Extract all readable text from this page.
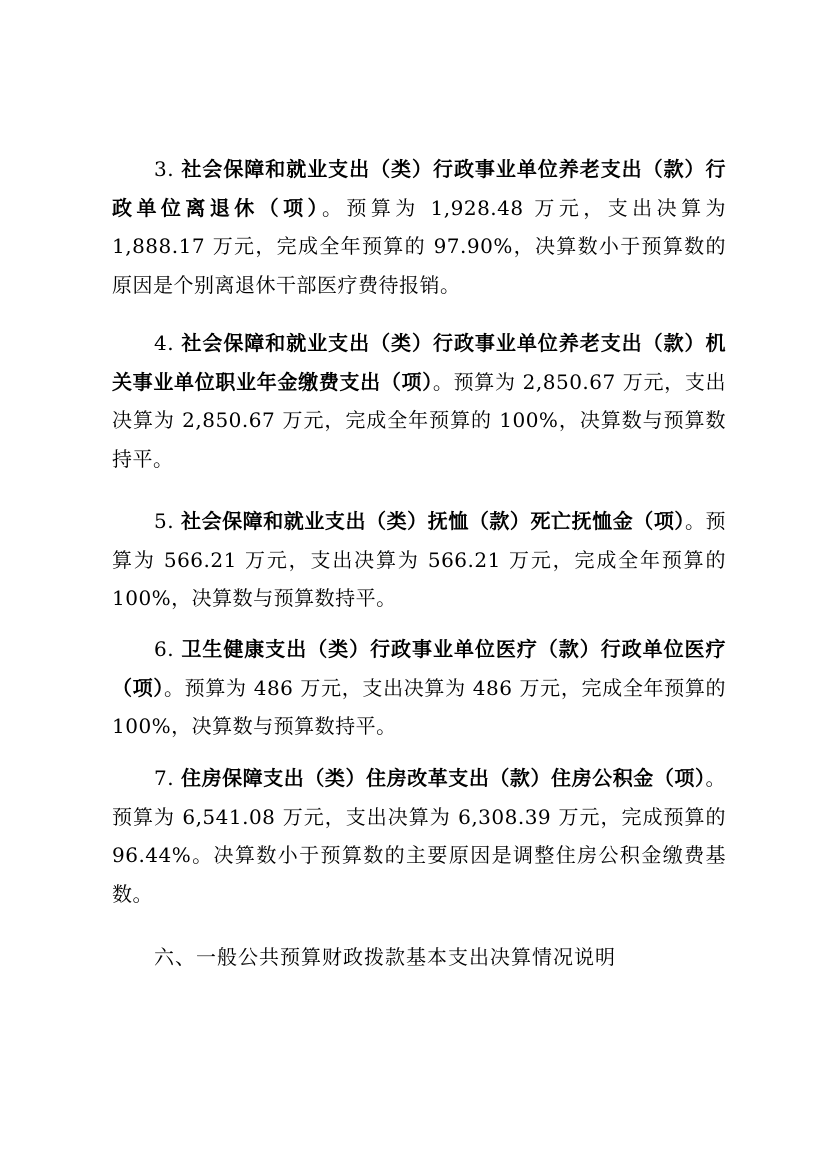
3. 社会保障和就业支出（类）行政事业单位养老支出（款）行政单位离退休（项）。预算为 1,928.48 万元，支出决算为 1,888.17 万元，完成全年预算的 97.90%，决算数小于预算数的原因是个别离退休干部医疗费待报销。

4. 社会保障和就业支出（类）行政事业单位养老支出（款）机关事业单位职业年金缴费支出（项）。预算为 2,850.67 万元，支出决算为 2,850.67 万元，完成全年预算的 100%，决算数与预算数持平。

5. 社会保障和就业支出（类）抚恤（款）死亡抚恤金（项）。预算为 566.21 万元，支出决算为 566.21 万元，完成全年预算的 100%，决算数与预算数持平。

6. 卫生健康支出（类）行政事业单位医疗（款）行政单位医疗（项）。预算为 486 万元，支出决算为 486 万元，完成全年预算的 100%，决算数与预算数持平。

7. 住房保障支出（类）住房改革支出（款）住房公积金（项）。预算为 6,541.08 万元，支出决算为 6,308.39 万元，完成预算的 96.44%。决算数小于预算数的主要原因是调整住房公积金缴费基数。

六、一般公共预算财政拨款基本支出决算情况说明
